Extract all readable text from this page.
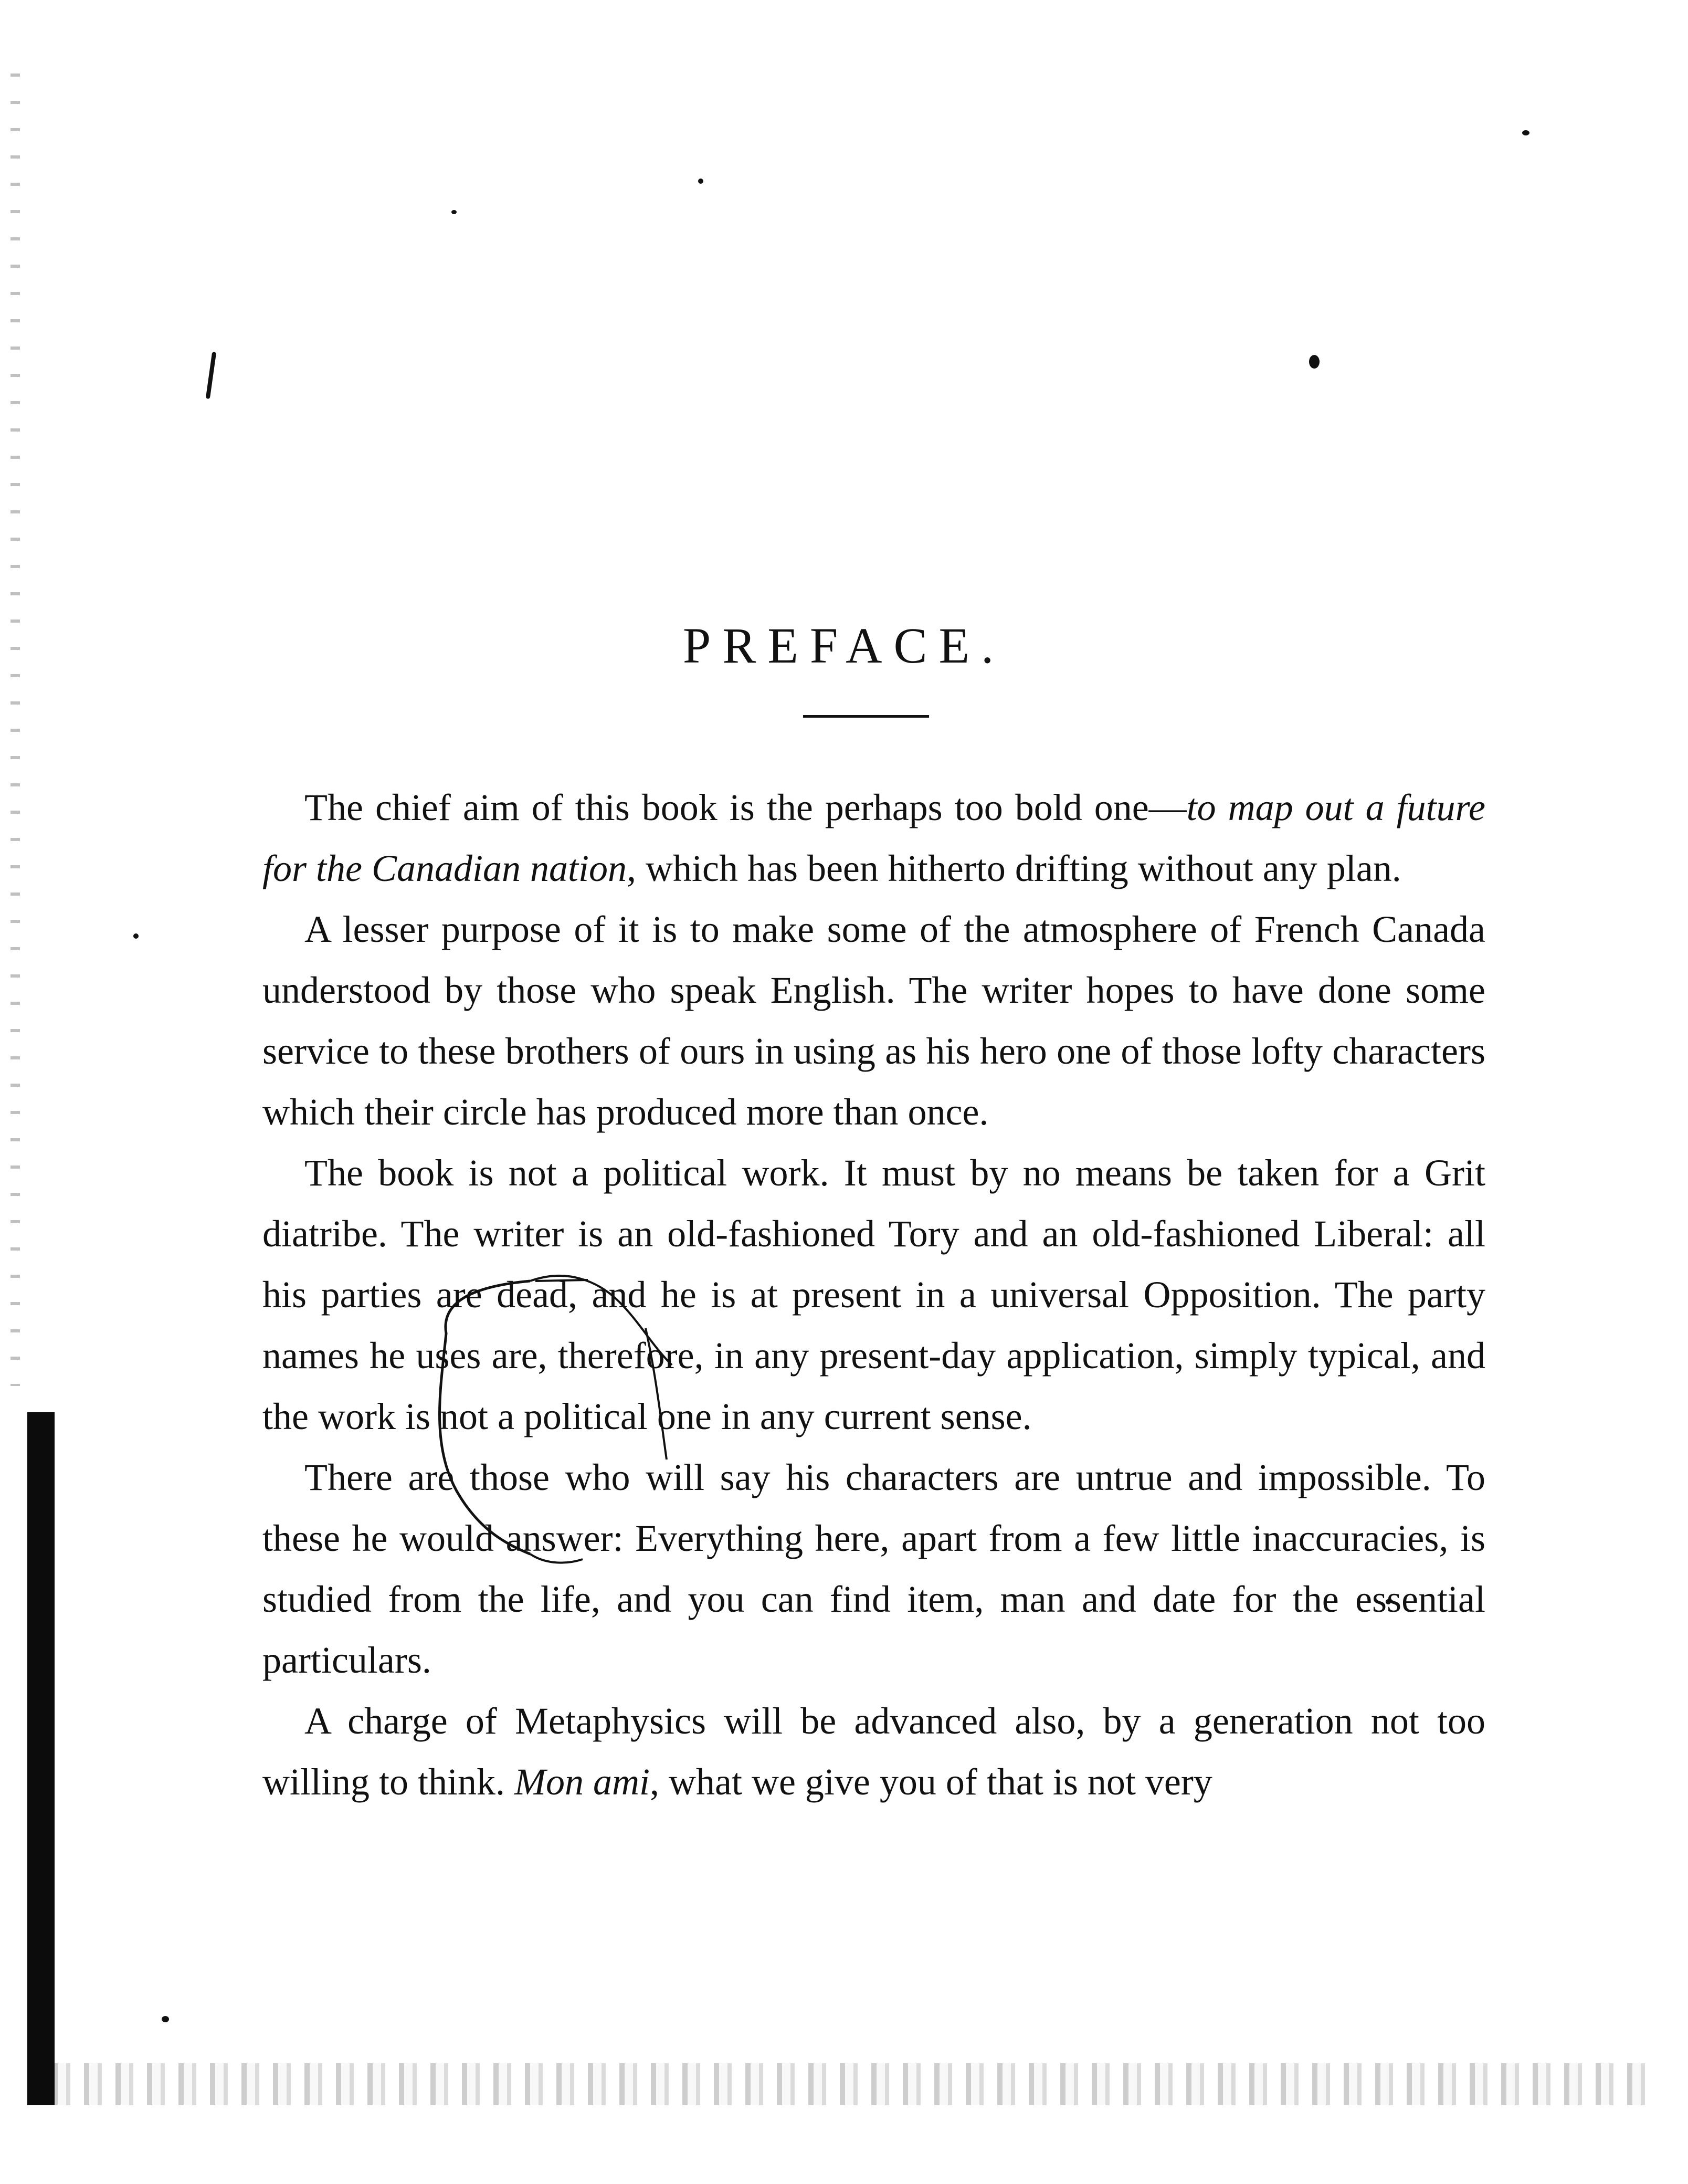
PREFACE.

The chief aim of this book is the perhaps too bold one—to map out a future for the Canadian nation, which has been hitherto drifting without any plan.

A lesser purpose of it is to make some of the atmosphere of French Canada understood by those who speak English. The writer hopes to have done some service to these brothers of ours in using as his hero one of those lofty characters which their circle has produced more than once.

The book is not a political work. It must by no means be taken for a Grit diatribe. The writer is an old-fashioned Tory and an old-fashioned Liberal: all his parties are dead, and he is at present in a universal Opposition. The party names he uses are, therefore, in any present-day application, simply typical, and the work is not a political one in any current sense.

There are those who will say his characters are untrue and impossible. To these he would answer: Everything here, apart from a few little inaccuracies, is studied from the life, and you can find item, man and date for the essential particulars.

A charge of Metaphysics will be advanced also, by a generation not too willing to think. Mon ami, what we give you of that is not very
